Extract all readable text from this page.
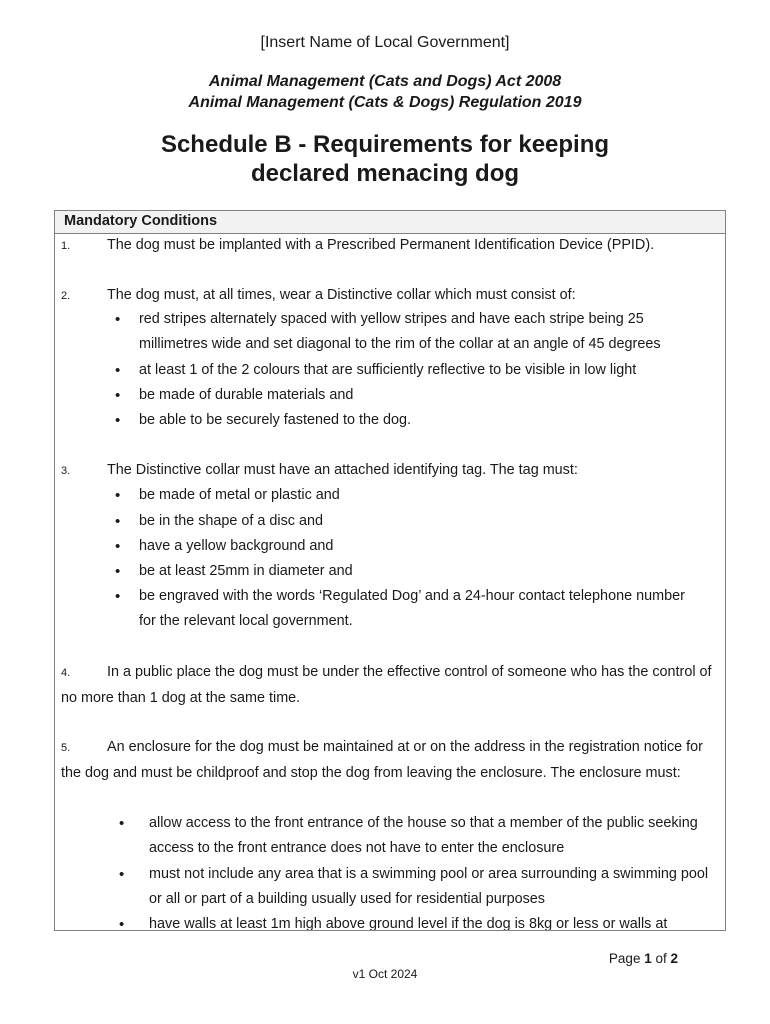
[Insert Name of Local Government]
Animal Management (Cats and Dogs) Act 2008
Animal Management (Cats & Dogs) Regulation 2019
Schedule B - Requirements for keeping
declared menacing dog
Mandatory Conditions
1.	The dog must be implanted with a Prescribed Permanent Identification Device (PPID).
2.	The dog must, at all times, wear a Distinctive collar which must consist of:
• red stripes alternately spaced with yellow stripes and have each stripe being 25 millimetres wide and set diagonal to the rim of the collar at an angle of 45 degrees
• at least 1 of the 2 colours that are sufficiently reflective to be visible in low light
• be made of durable materials and
• be able to be securely fastened to the dog.
3.	The Distinctive collar must have an attached identifying tag. The tag must:
• be made of metal or plastic and
• be in the shape of a disc and
• have a yellow background and
• be at least 25mm in diameter and
• be engraved with the words ‘Regulated Dog’ and a 24-hour contact telephone number for the relevant local government.
4.	In a public place the dog must be under the effective control of someone who has the control of no more than 1 dog at the same time.
5.	An enclosure for the dog must be maintained at or on the address in the registration notice for the dog and must be childproof and stop the dog from leaving the enclosure. The enclosure must:
• allow access to the front entrance of the house so that a member of the public seeking access to the front entrance does not have to enter the enclosure
• must not include any area that is a swimming pool or area surrounding a swimming pool or all or part of a building usually used for residential purposes
• have walls at least 1m high above ground level if the dog is 8kg or less or walls at
Page 1 of 2
v1 Oct 2024
